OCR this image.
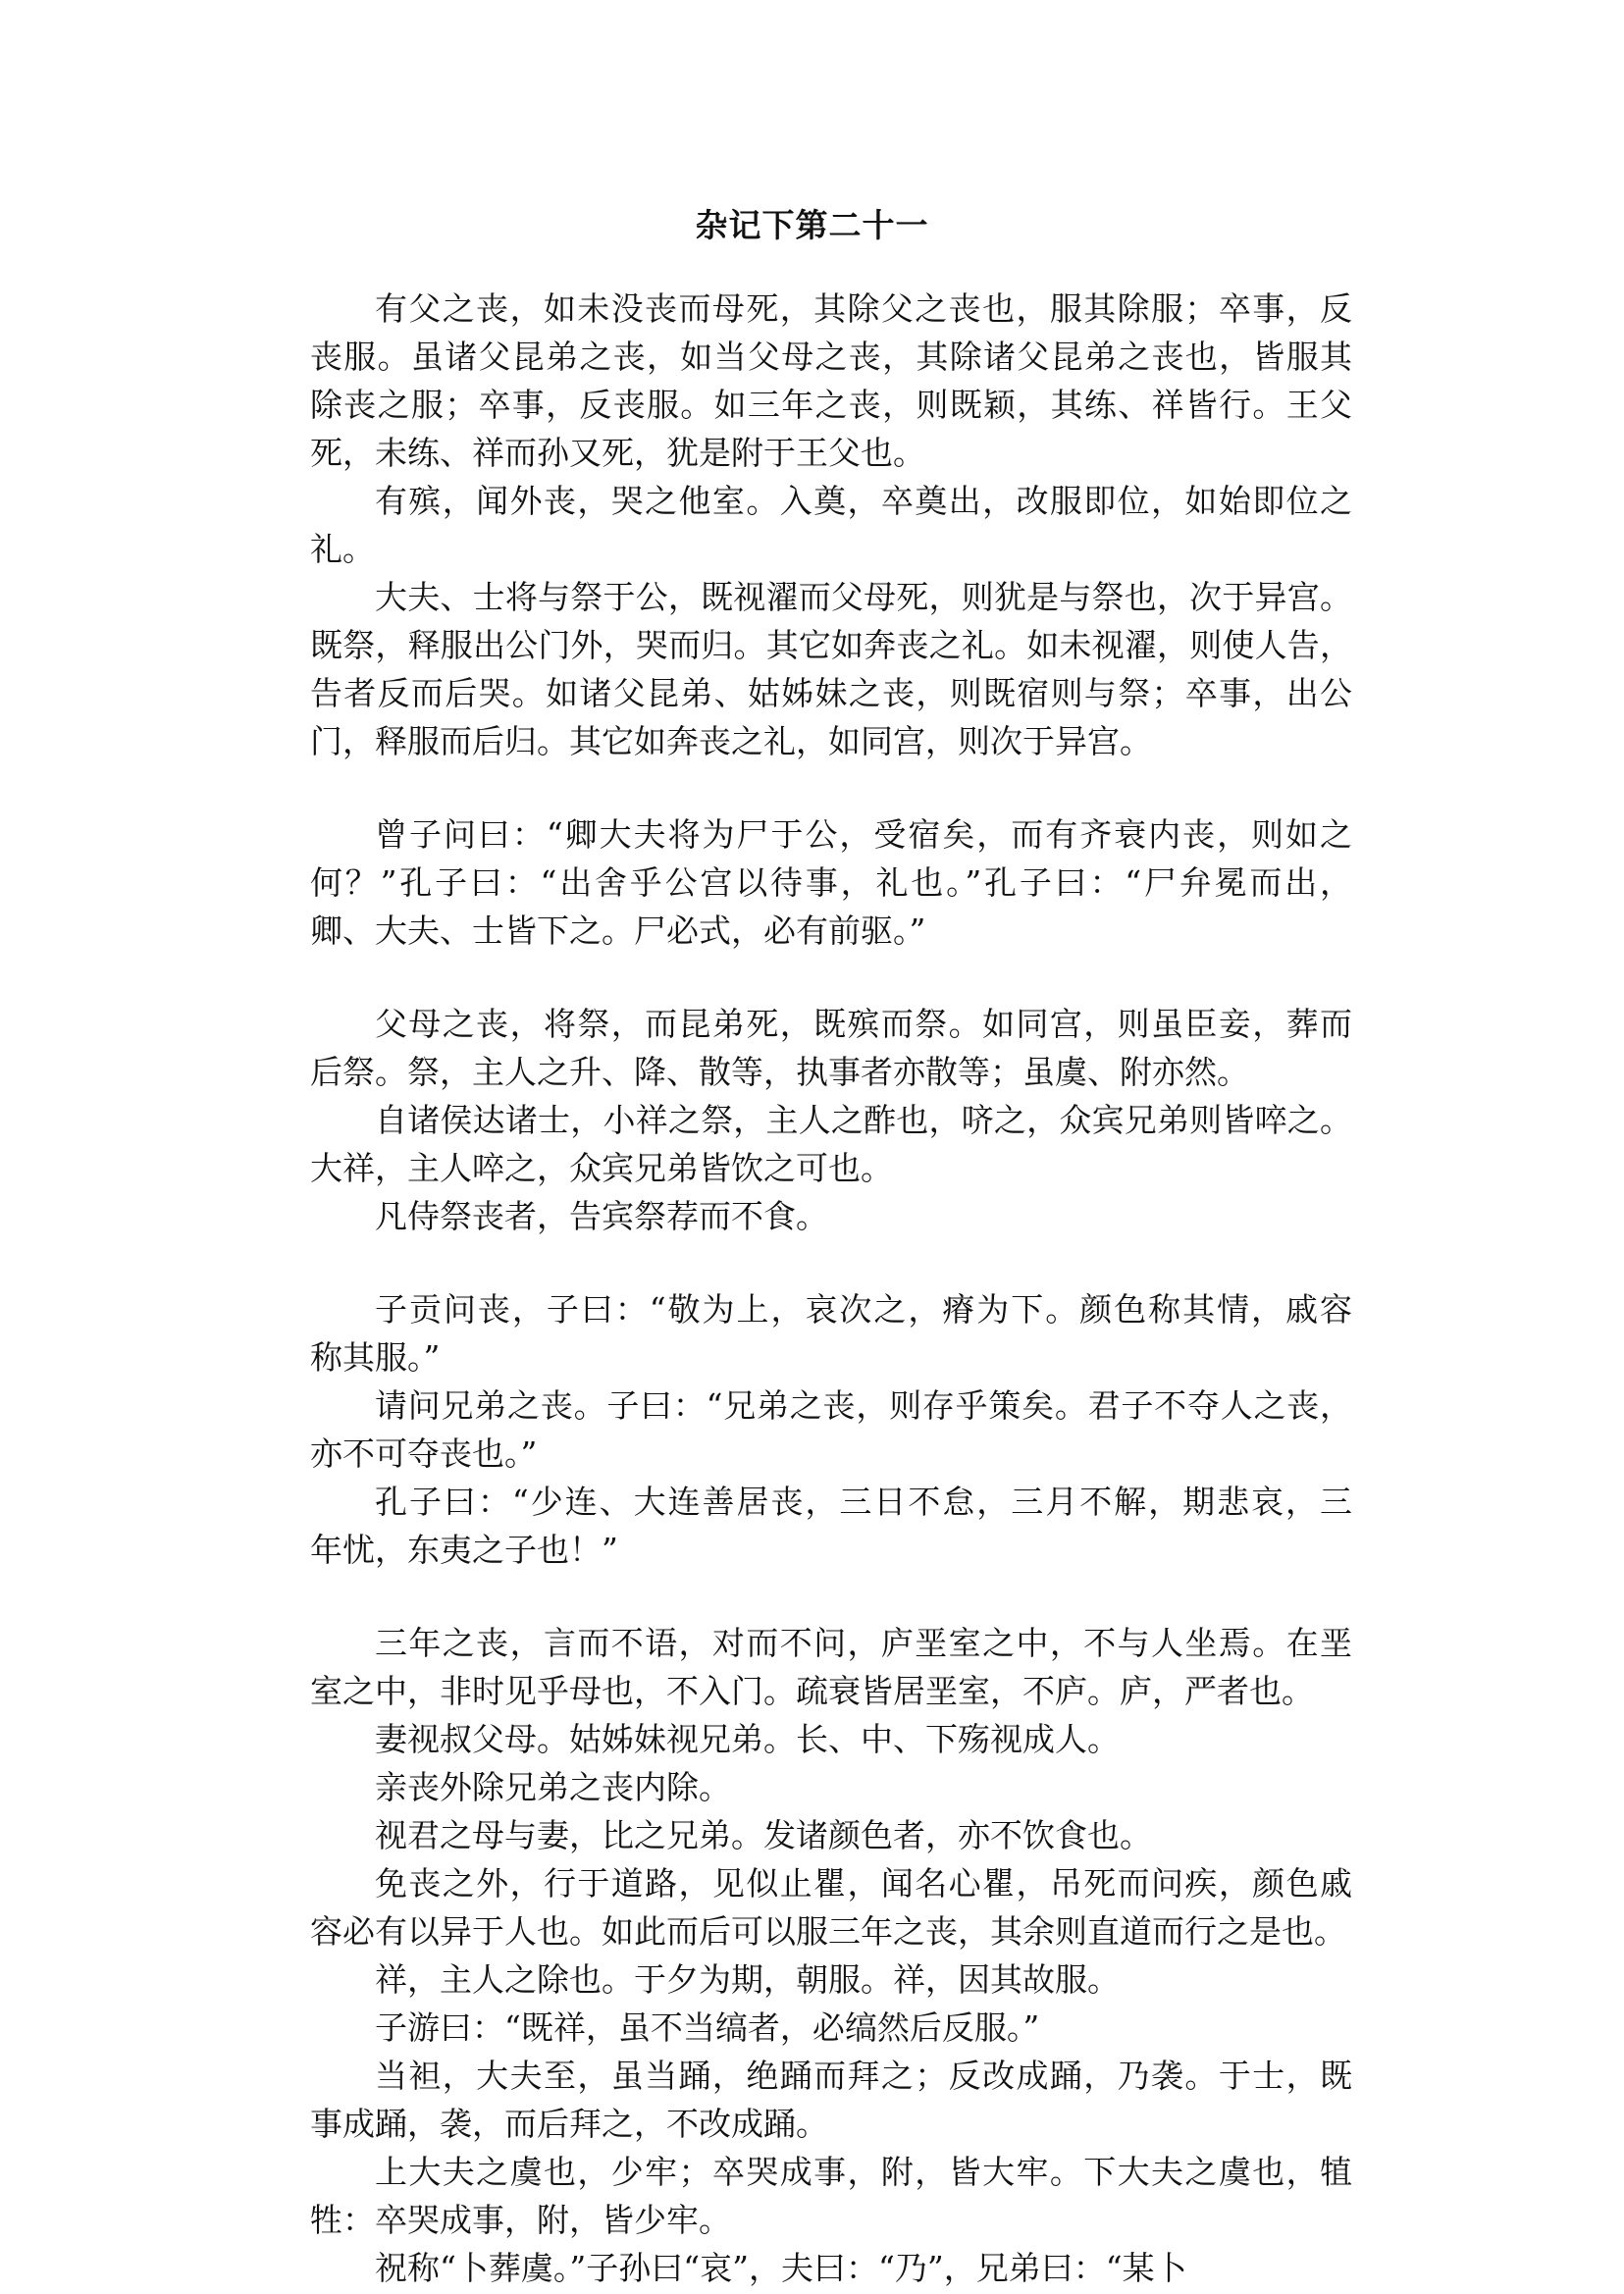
杂记下第二十一
有父之丧，如未没丧而母死，其除父之丧也，服其除服；卒事，反
丧服。虽诸父昆弟之丧，如当父母之丧，其除诸父昆弟之丧也，皆服其
除丧之服；卒事，反丧服。如三年之丧，则既颖，其练、祥皆行。王父
死，未练、祥而孙又死，犹是附于王父也。
有殡，闻外丧，哭之他室。入奠，卒奠出，改服即位，如始即位之
礼。
大夫、士将与祭于公，既视濯而父母死，则犹是与祭也，次于异宫。
既祭，释服出公门外，哭而归。其它如奔丧之礼。如未视濯，则使人告，
告者反而后哭。如诸父昆弟、姑姊妹之丧，则既宿则与祭；卒事，出公
门，释服而后归。其它如奔丧之礼，如同宫，则次于异宫。
曾子问曰：“卿大夫将为尸于公，受宿矣，而有齐衰内丧，则如之
何？”孔子曰：“出舍乎公宫以待事，礼也。”孔子曰：“尸弁冕而出，
卿、大夫、士皆下之。尸必式，必有前驱。”
父母之丧，将祭，而昆弟死，既殡而祭。如同宫，则虽臣妾，葬而
后祭。祭，主人之升、降、散等，执事者亦散等；虽虞、附亦然。
自诸侯达诸士，小祥之祭，主人之酢也，哜之，众宾兄弟则皆啐之。
大祥，主人啐之，众宾兄弟皆饮之可也。
凡侍祭丧者，告宾祭荐而不食。
子贡问丧，子曰：“敬为上，哀次之，瘠为下。颜色称其情，戚容
称其服。”
请问兄弟之丧。子曰：“兄弟之丧，则存乎策矣。君子不夺人之丧，
亦不可夺丧也。”
孔子曰：“少连、大连善居丧，三日不怠，三月不解，期悲哀，三
年忧，东夷之子也！”
三年之丧，言而不语，对而不问，庐垩室之中，不与人坐焉。在垩
室之中，非时见乎母也，不入门。疏衰皆居垩室，不庐。庐，严者也。
妻视叔父母。姑姊妹视兄弟。长、中、下殇视成人。
亲丧外除兄弟之丧内除。
视君之母与妻，比之兄弟。发诸颜色者，亦不饮食也。
免丧之外，行于道路，见似止瞿，闻名心瞿，吊死而问疾，颜色戚
容必有以异于人也。如此而后可以服三年之丧，其余则直道而行之是也。
祥，主人之除也。于夕为期，朝服。祥，因其故服。
子游曰：“既祥，虽不当缟者，必缟然后反服。”
当袒，大夫至，虽当踊，绝踊而拜之；反改成踊，乃袭。于士，既
事成踊，袭，而后拜之，不改成踊。
上大夫之虞也，少牢；卒哭成事，附，皆大牢。下大夫之虞也，犆
牲：卒哭成事，附，皆少牢。
祝称“卜葬虞。”子孙曰“哀”，夫曰：“乃”，兄弟曰：“某卜
